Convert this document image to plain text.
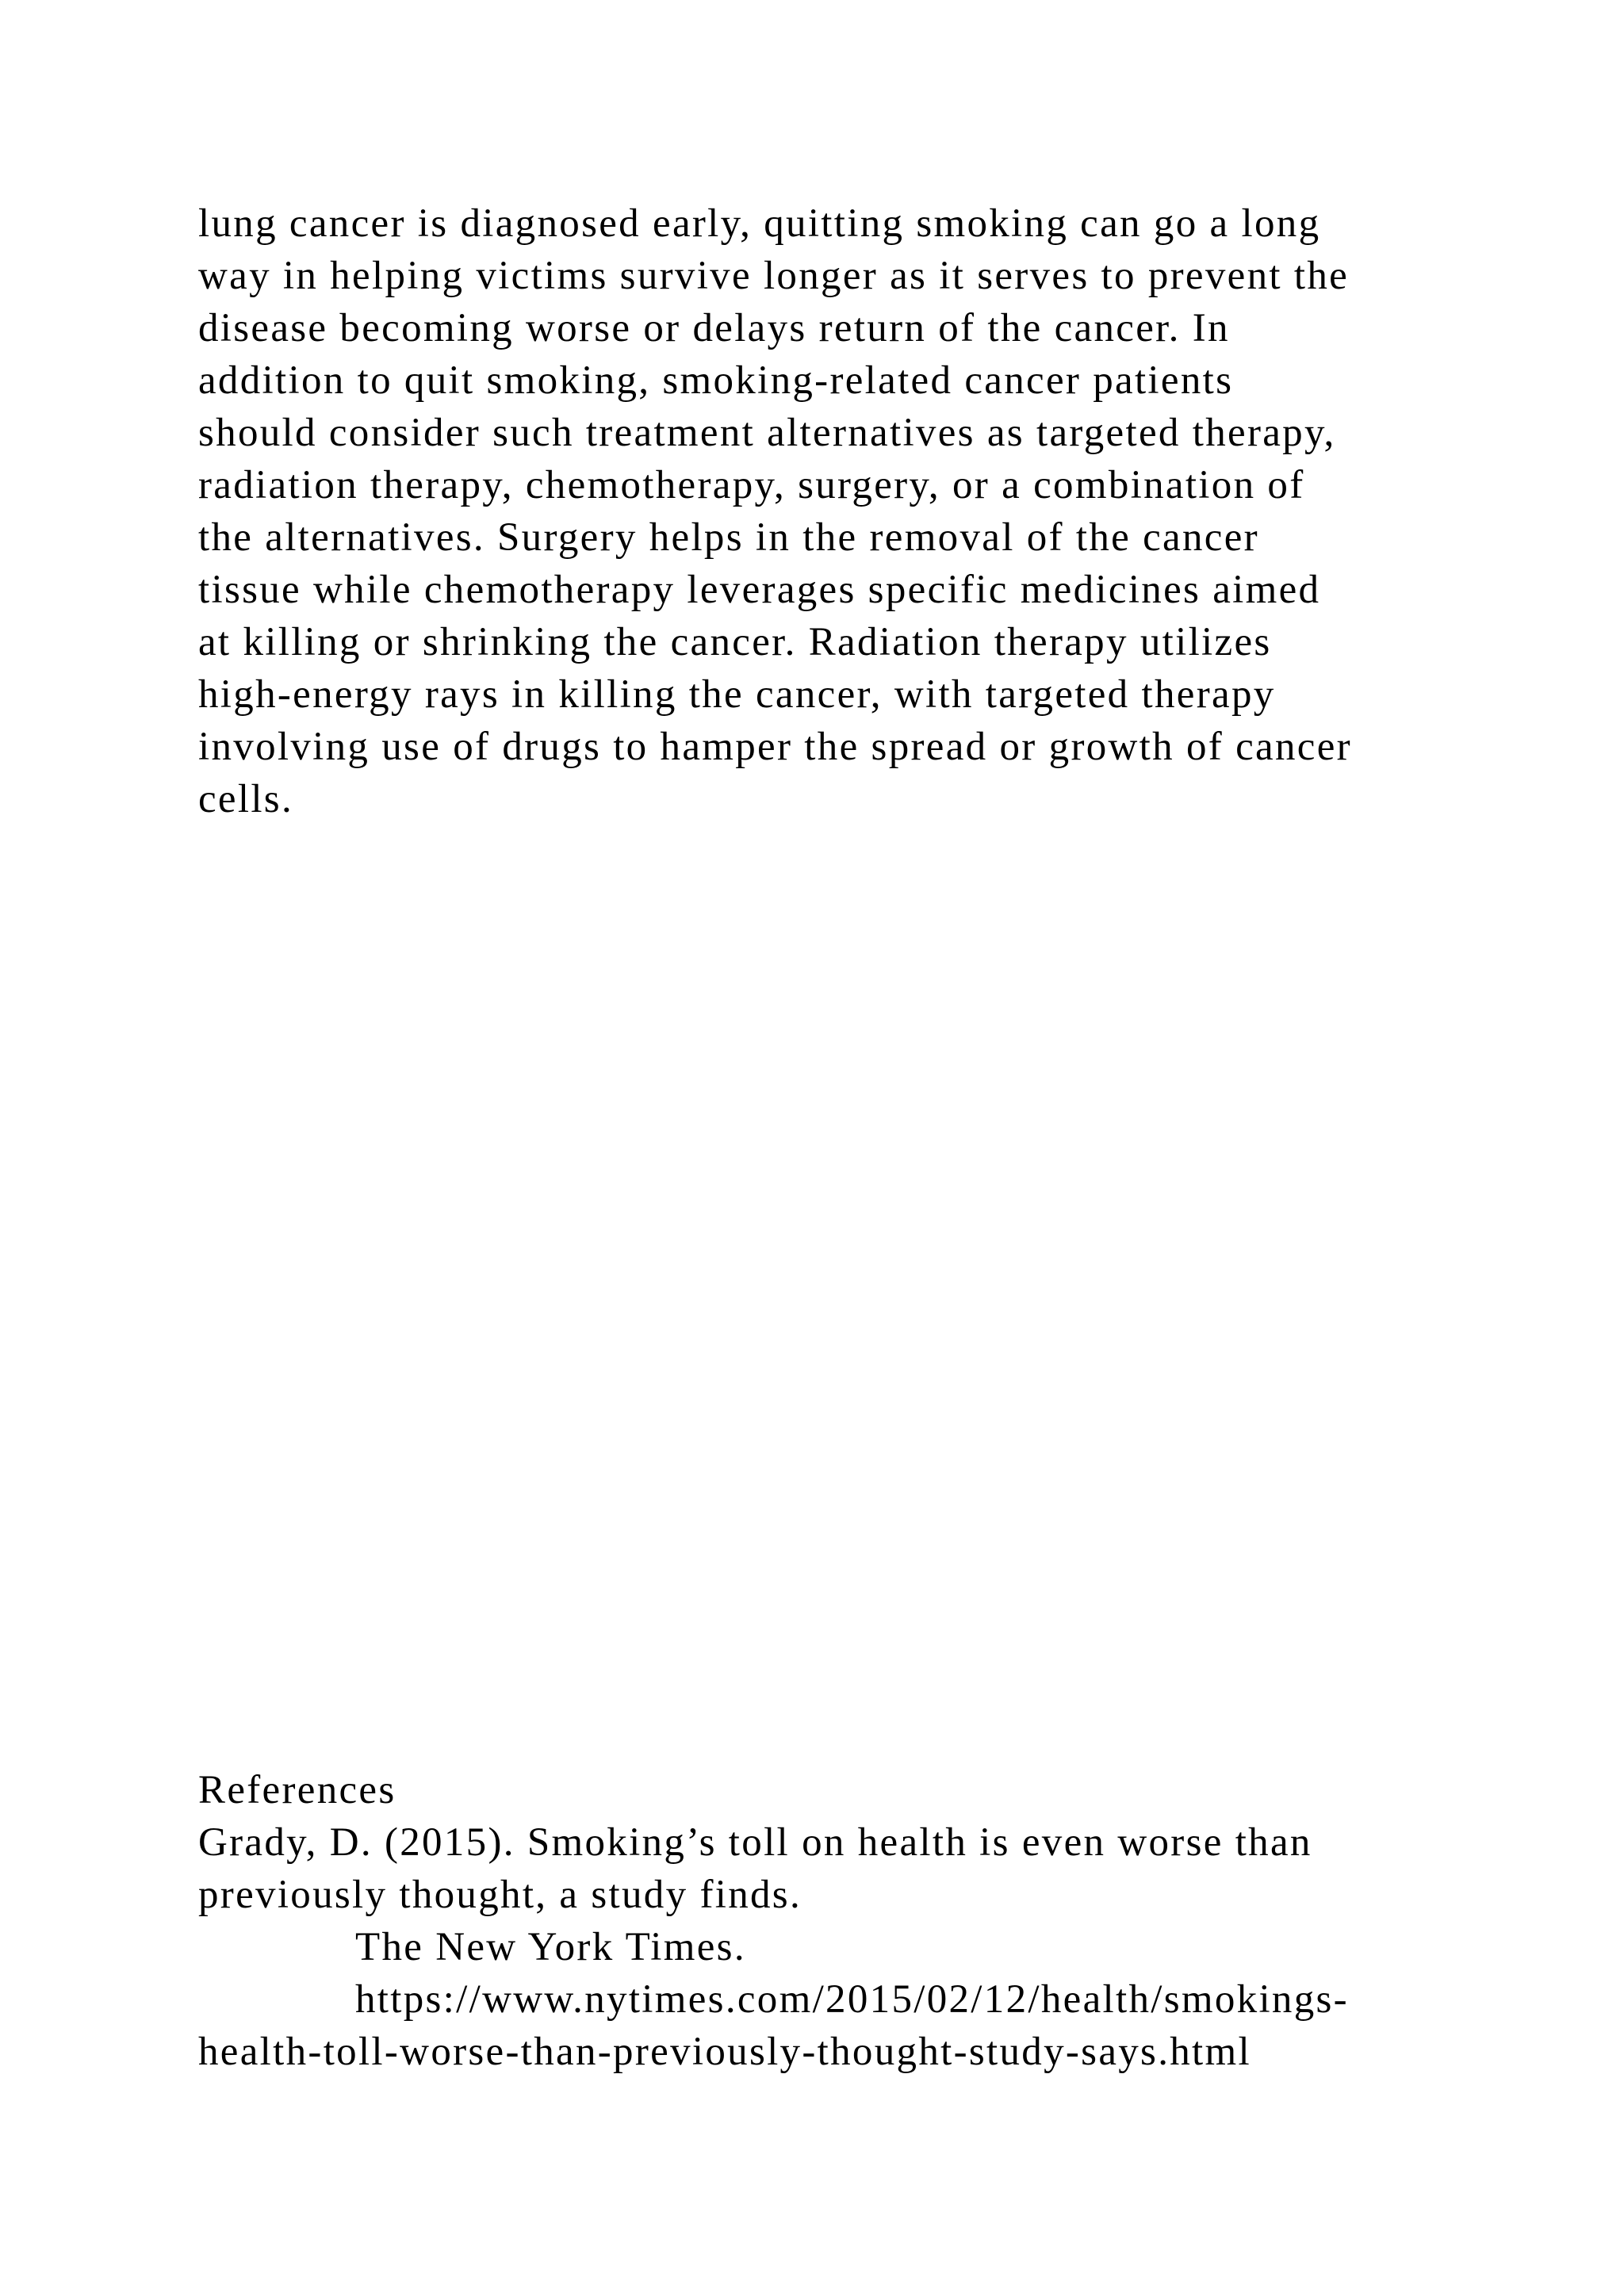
lung cancer is diagnosed early, quitting smoking can go a long
way in helping victims survive longer as it serves to prevent the
disease becoming worse or delays return of the cancer. In
addition to quit smoking, smoking-related cancer patients
should consider such treatment alternatives as targeted therapy,
radiation therapy, chemotherapy, surgery, or a combination of
the alternatives. Surgery helps in the removal of the cancer
tissue while chemotherapy leverages specific medicines aimed
at killing or shrinking the cancer. Radiation therapy utilizes
high-energy rays in killing the cancer, with targeted therapy
involving use of drugs to hamper the spread or growth of cancer
cells.
References
Grady, D. (2015). Smoking’s toll on health is even worse than
previously thought, a study finds.
The New York Times.
https://www.nytimes.com/2015/02/12/health/smokings-
health-toll-worse-than-previously-thought-study-says.html
